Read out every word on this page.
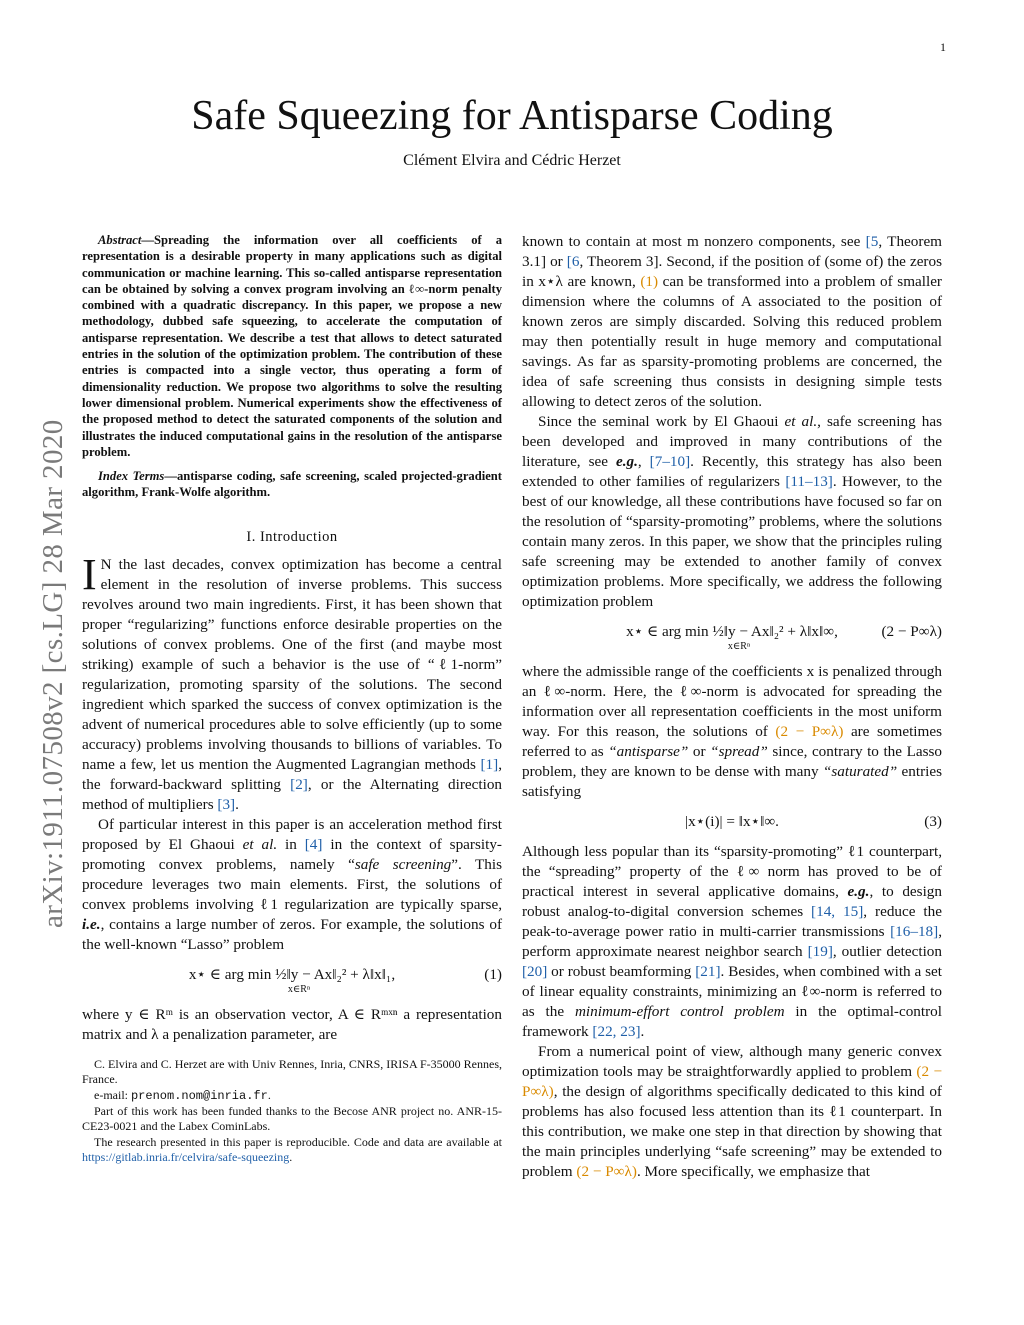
1
arXiv:1911.07508v2 [cs.LG] 28 Mar 2020
Safe Squeezing for Antisparse Coding
Clément Elvira and Cédric Herzet

Abstract—Spreading the information over all coefficients of a representation is a desirable property in many applications such as digital communication or machine learning. This so-called antisparse representation can be obtained by solving a convex program involving an ℓ∞-norm penalty combined with a quadratic discrepancy. In this paper, we propose a new methodology, dubbed safe squeezing, to accelerate the computation of antisparse representation. We describe a test that allows to detect saturated entries in the solution of the optimization problem. The contribution of these entries is compacted into a single vector, thus operating a form of dimensionality reduction. We propose two algorithms to solve the resulting lower dimensional problem. Numerical experiments show the effectiveness of the proposed method to detect the saturated components of the solution and illustrates the induced computational gains in the resolution of the antisparse problem.

Index Terms—antisparse coding, safe screening, scaled projected-gradient algorithm, Frank-Wolfe algorithm.

I. Introduction

I N the last decades, convex optimization has become a central element in the resolution of inverse problems. This success revolves around two main ingredients. First, it has been shown that proper “regularizing” functions enforce desirable properties on the solutions of convex problems. One of the first (and maybe most striking) example of such a behavior is the use of “ℓ1-norm” regularization, promoting sparsity of the solutions. The second ingredient which sparked the success of convex optimization is the advent of numerical procedures able to solve efficiently (up to some accuracy) problems involving thousands to billions of variables. To name a few, let us mention the Augmented Lagrangian methods [1], the forward-backward splitting [2], or the Alternating direction method of multipliers [3].

Of particular interest in this paper is an acceleration method first proposed by El Ghaoui et al. in [4] in the context of sparsity-promoting convex problems, namely “safe screening”. This procedure leverages two main elements. First, the solutions of convex problems involving ℓ1 regularization are typically sparse, i.e., contains a large number of zeros. For example, the solutions of the well-known “Lasso” problem

x⋆ ∈ arg min ½‖y − Ax‖₂² + λ‖x‖₁,
x∈Rⁿ
(1)

where y ∈ Rᵐ is an observation vector, A ∈ Rᵐˣⁿ a representation matrix and λ a penalization parameter, are

C. Elvira and C. Herzet are with Univ Rennes, Inria, CNRS, IRISA F-35000 Rennes, France.

e-mail: prenom.nom@inria.fr.

Part of this work has been funded thanks to the Becose ANR project no. ANR-15-CE23-0021 and the Labex CominLabs.

The research presented in this paper is reproducible. Code and data are available at https://gitlab.inria.fr/celvira/safe-squeezing.

known to contain at most m nonzero components, see [5, Theorem 3.1] or [6, Theorem 3]. Second, if the position of (some of) the zeros in x⋆λ are known, (1) can be transformed into a problem of smaller dimension where the columns of A associated to the position of known zeros are simply discarded. Solving this reduced problem may then potentially result in huge memory and computational savings. As far as sparsity-promoting problems are concerned, the idea of safe screening thus consists in designing simple tests allowing to detect zeros of the solution.

Since the seminal work by El Ghaoui et al., safe screening has been developed and improved in many contributions of the literature, see e.g., [7–10]. Recently, this strategy has also been extended to other families of regularizers [11–13]. However, to the best of our knowledge, all these contributions have focused so far on the resolution of “sparsity-promoting” problems, where the solutions contain many zeros. In this paper, we show that the principles ruling safe screening may be extended to another family of convex optimization problems. More specifically, we address the following optimization problem

x⋆ ∈ arg min ½‖y − Ax‖₂² + λ‖x‖∞,
x∈Rⁿ
(2 − P∞λ)

where the admissible range of the coefficients x is penalized through an ℓ∞-norm. Here, the ℓ∞-norm is advocated for spreading the information over all representation coefficients in the most uniform way. For this reason, the solutions of (2 − P∞λ) are sometimes referred to as “antisparse” or “spread” since, contrary to the Lasso problem, they are known to be dense with many “saturated” entries satisfying

|x⋆(i)| = ‖x⋆‖∞.	(3)

Although less popular than its “sparsity-promoting” ℓ1 counterpart, the “spreading” property of the ℓ∞ norm has proved to be of practical interest in several applicative domains, e.g., to design robust analog-to-digital conversion schemes [14, 15], reduce the peak-to-average power ratio in multi-carrier transmissions [16–18], perform approximate nearest neighbor search [19], outlier detection [20] or robust beamforming [21]. Besides, when combined with a set of linear equality constraints, minimizing an ℓ∞-norm is referred to as the minimum-effort control problem in the optimal-control framework [22, 23].

From a numerical point of view, although many generic convex optimization tools may be straightforwardly applied to problem (2 − P∞λ), the design of algorithms specifically dedicated to this kind of problems has also focused less attention than its ℓ1 counterpart. In this contribution, we make one step in that direction by showing that the main principles underlying “safe screening” may be extended to problem (2 − P∞λ). More specifically, we emphasize that
